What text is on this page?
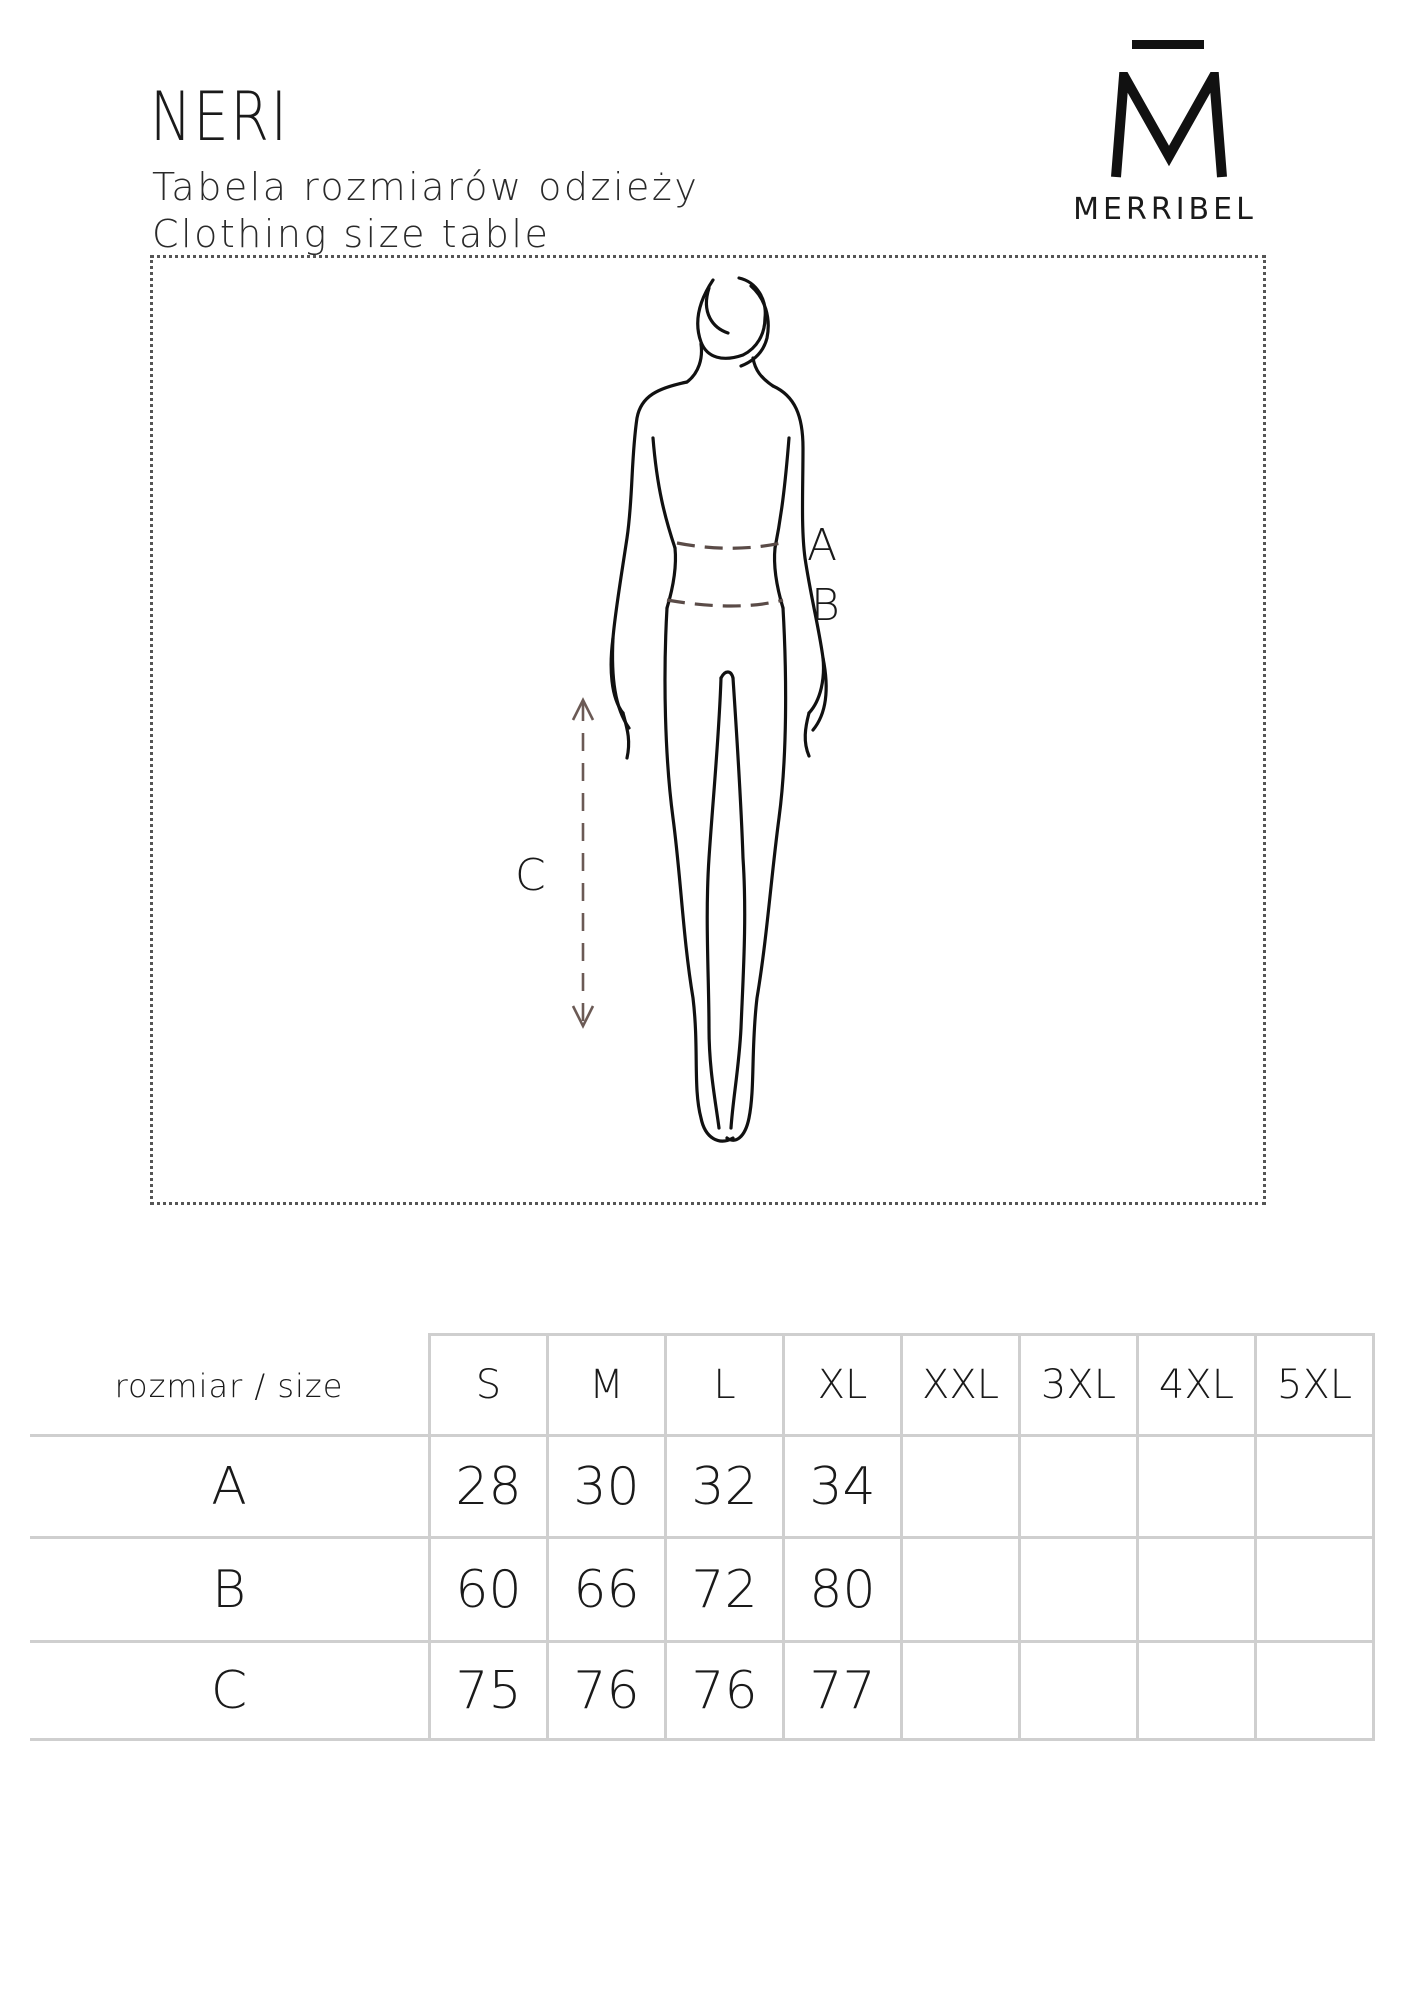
NERI
Tabela rozmiarów odzieży
Clothing size table
MERRIBEL
A
B
C
rozmiar / size	S	M	L	XL	XXL	3XL	4XL	5XL
A	28	30	32	34				
B	60	66	72	80				
C	75	76	76	77				
